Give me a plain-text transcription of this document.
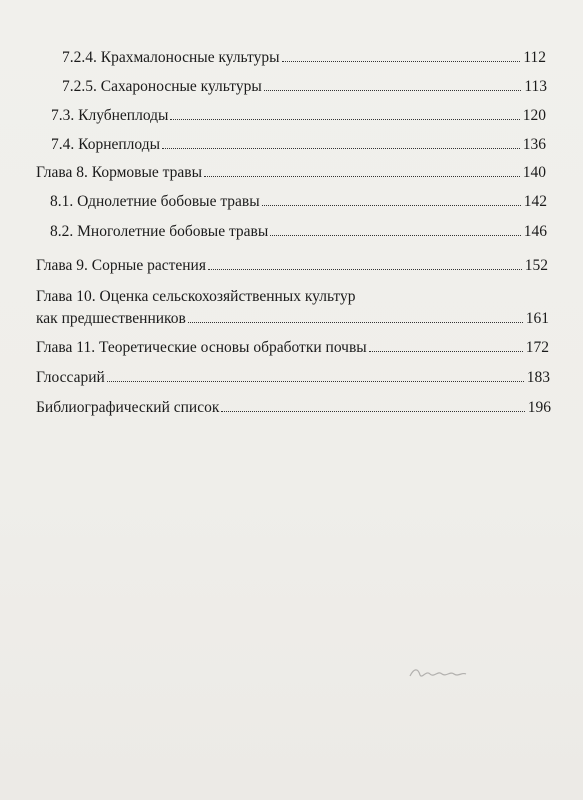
7.2.4. Крахмалоносные культуры	112
7.2.5. Сахароносные культуры	113
7.3. Клубнеплоды	120
7.4. Корнеплоды	136
Глава 8. Кормовые травы	140
8.1. Однолетние бобовые травы	142
8.2. Многолетние бобовые травы	146
Глава 9. Сорные растения	152
Глава 10. Оценка сельскохозяйственных культур
как предшественников	161
Глава 11. Теоретические основы обработки почвы	172
Глоссарий	183
Библиографический список	196
